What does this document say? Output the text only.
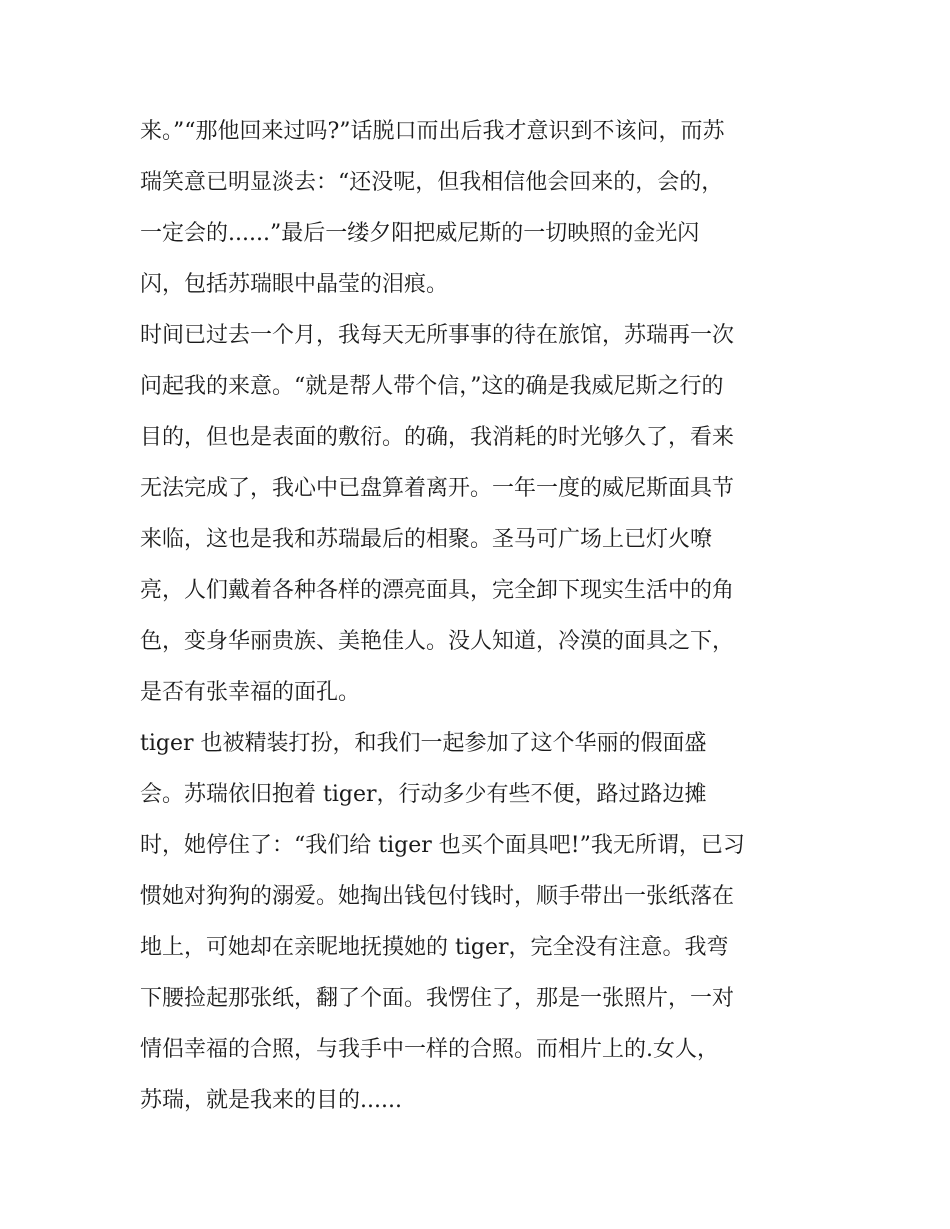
来。”“那他回来过吗?”话脱口而出后我才意识到不该问，而苏
瑞笑意已明显淡去：“还没呢，但我相信他会回来的，会的，
一定会的......”最后一缕夕阳把威尼斯的一切映照的金光闪
闪，包括苏瑞眼中晶莹的泪痕。
时间已过去一个月，我每天无所事事的待在旅馆，苏瑞再一次
问起我的来意。“就是帮人带个信，”这的确是我威尼斯之行的
目的，但也是表面的敷衍。的确，我消耗的时光够久了，看来
无法完成了，我心中已盘算着离开。一年一度的威尼斯面具节
来临，这也是我和苏瑞最后的相聚。圣马可广场上已灯火嘹
亮，人们戴着各种各样的漂亮面具，完全卸下现实生活中的角
色，变身华丽贵族、美艳佳人。没人知道，冷漠的面具之下，
是否有张幸福的面孔。
tiger 也被精装打扮，和我们一起参加了这个华丽的假面盛
会。苏瑞依旧抱着 tiger，行动多少有些不便，路过路边摊
时，她停住了：“我们给 tiger 也买个面具吧!”我无所谓，已习
惯她对狗狗的溺爱。她掏出钱包付钱时，顺手带出一张纸落在
地上，可她却在亲昵地抚摸她的 tiger，完全没有注意。我弯
下腰捡起那张纸，翻了个面。我愣住了，那是一张照片，一对
情侣幸福的合照，与我手中一样的合照。而相片上的.女人，
苏瑞，就是我来的目的......
